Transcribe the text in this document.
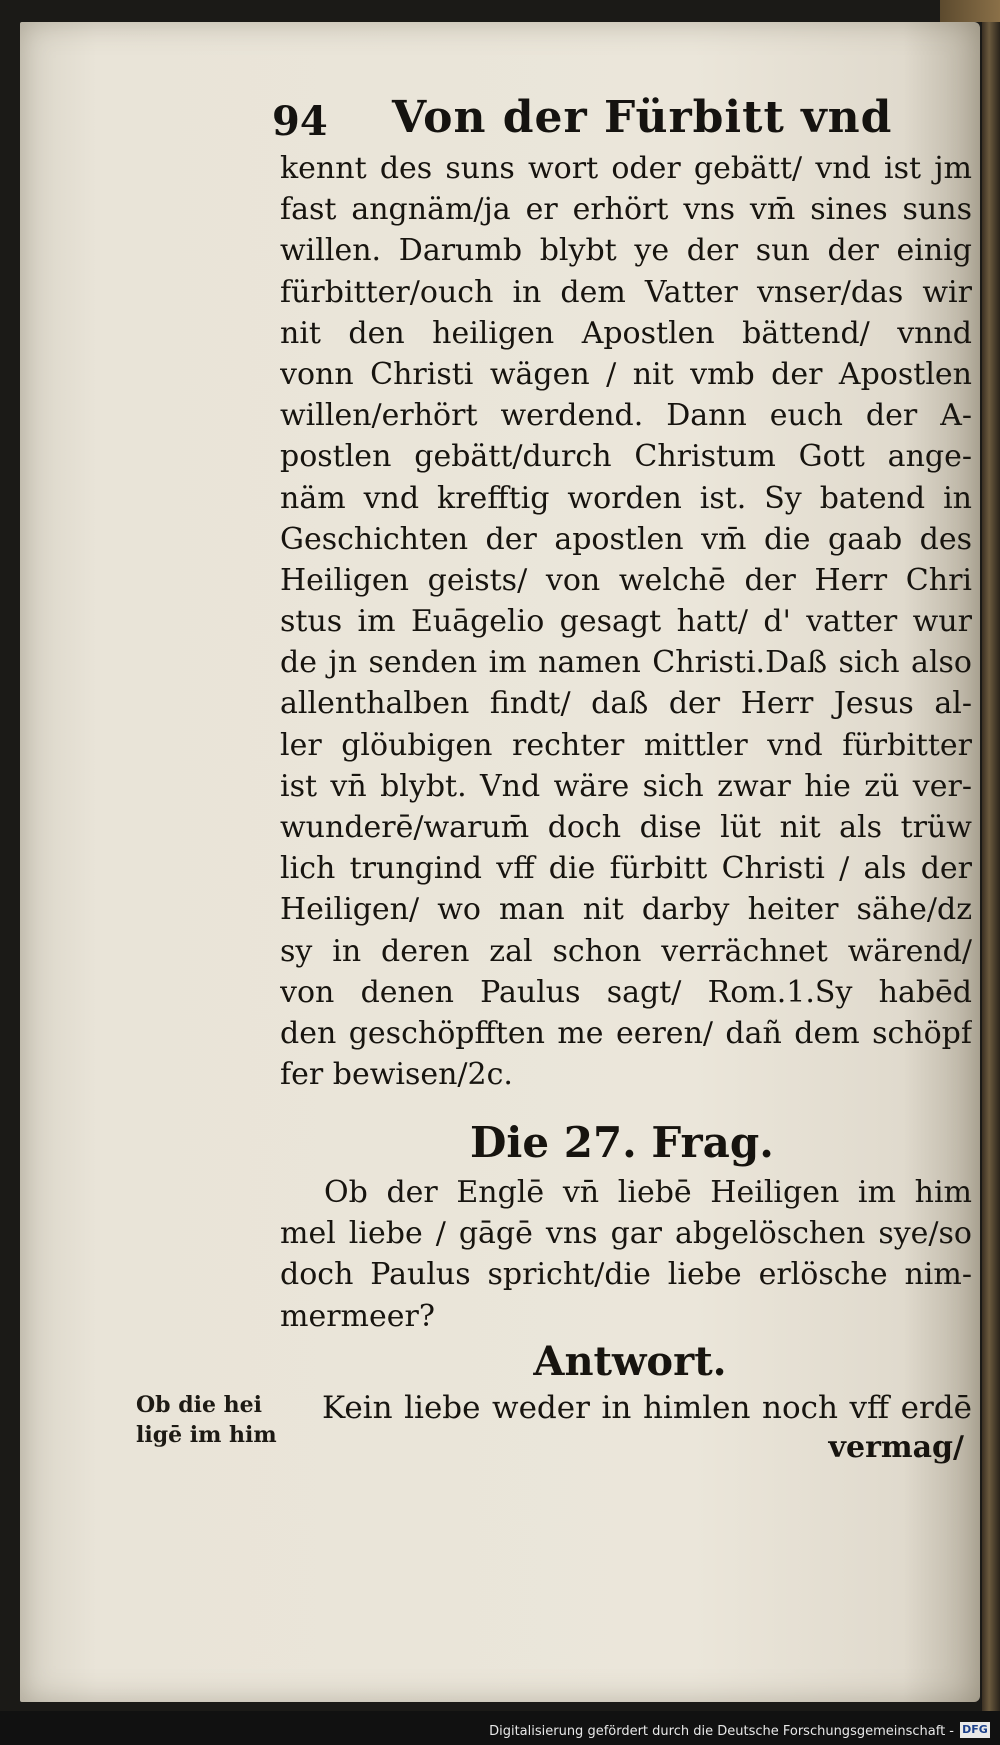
94 Von der Fürbitt vnd
kennt des suns wort oder gebätt/ vnd ist jm
fast angnäm/ja er erhört vns vm̄ sines suns
willen. Darumb blybt ye der sun der einig
fürbitter/ouch in dem Vatter vnser/das wir
nit den heiligen Apostlen bättend/ vnnd
vonn Christi wägen / nit vmb der Apostlen
willen/erhört werdend. Dann euch der A-
postlen gebätt/durch Christum Gott ange-
näm vnd krefftig worden ist. Sy batend in
Geschichten der apostlen vm̄ die gaab des
Heiligen geists/ von welchē der Herr Chri
stus im Euāgelio gesagt hatt/ d' vatter wur
de jn senden im namen Christi.Daß sich also
allenthalben findt/ daß der Herr Jesus al-
ler glöubigen rechter mittler vnd fürbitter
ist vn̄ blybt. Vnd wäre sich zwar hie zü ver-
wunderē/warum̄ doch dise lüt nit als trüw
lich trungind vff die fürbitt Christi / als der
Heiligen/ wo man nit darby heiter sähe/dz
sy in deren zal schon verrächnet wärend/
von denen Paulus sagt/ Rom.1.Sy habēd
den geschöpfften me eeren/ dañ dem schöpf
fer bewisen/2c.
Die 27. Frag.
Ob der Englē vn̄ liebē Heiligen im him
mel liebe / gāgē vns gar abgelöschen sye/so
doch Paulus spricht/die liebe erlösche nim-
mermeer?
Antwort.
Kein liebe weder in himlen noch vff erdē
vermag/
Ob die hei
ligē im him
Digitalisierung gefördert durch die Deutsche Forschungsgemeinschaft - DFG
